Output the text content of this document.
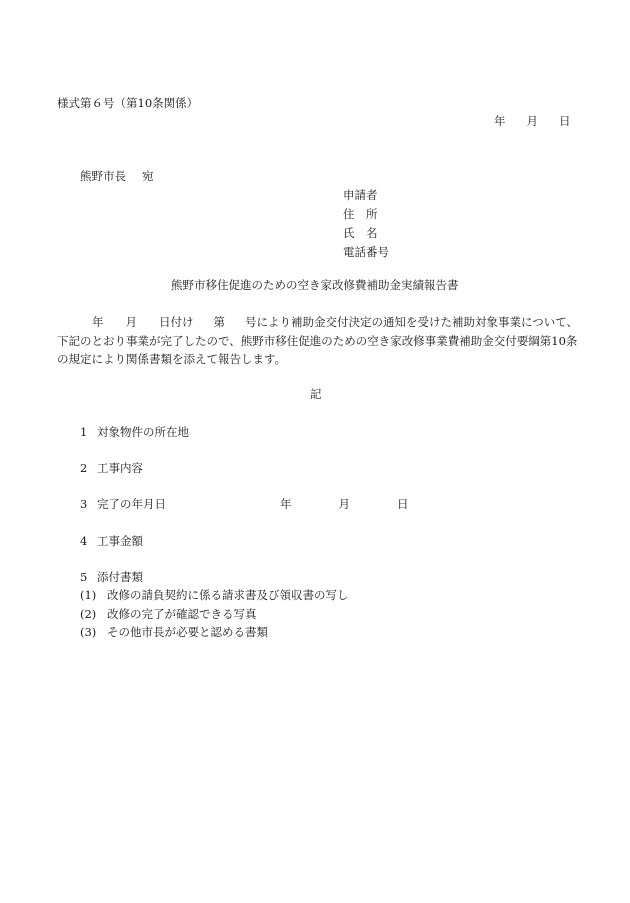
様式第６号（第10条関係）
年 月 日
熊野市長 宛
申請者
住　所
氏　名
電話番号
熊野市移住促進のための空き家改修費補助金実績報告書
年 月 日付け 第 号により補助金交付決定の通知を受けた補助対象事業について、
下記のとおり事業が完了したので、熊野市移住促進のための空き家改修事業費補助金交付要綱第10条
の規定により関係書類を添えて報告します。
記
1 対象物件の所在地
2 工事内容
3 完了の年月日	年	月	日
4 工事金額
5 添付書類
(1) 改修の請負契約に係る請求書及び領収書の写し
(2) 改修の完了が確認できる写真
(3) その他市長が必要と認める書類
